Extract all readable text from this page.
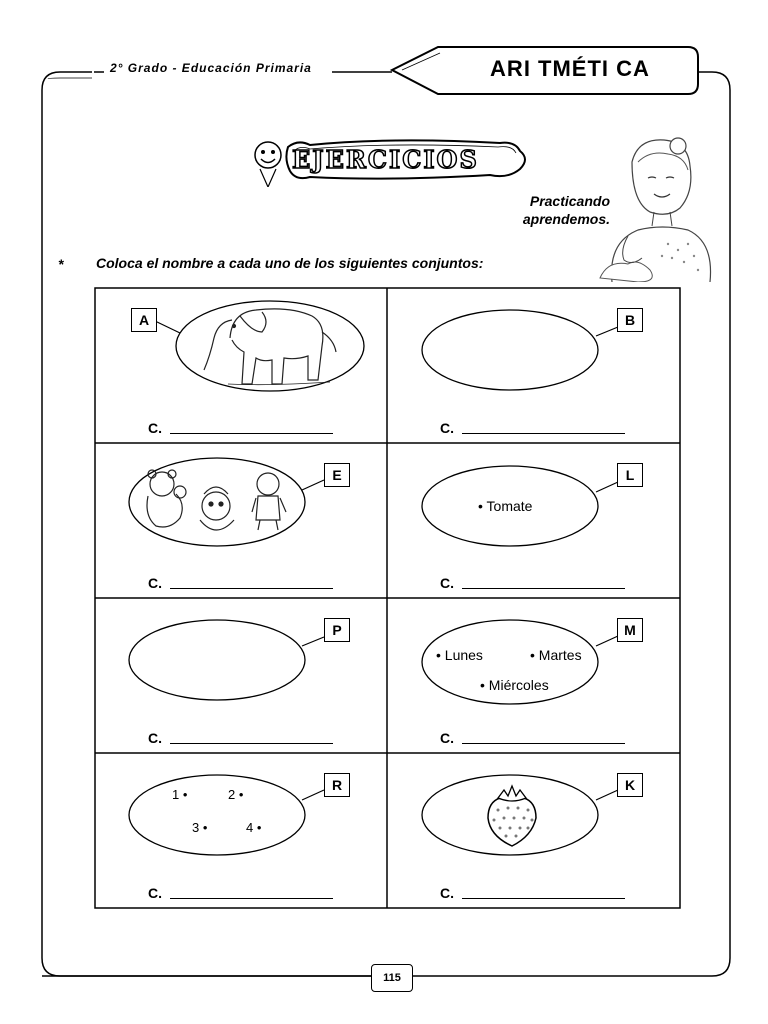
2° Grado - Educación Primaria	ARI TMÉTI CA
EJERCICIOS
Practicando
aprendemos.
* Coloca el nombre a cada uno de los siguientes conjuntos:
A	B
E	L
P	M
R	K
• Tomate
• Lunes	• Martes
• Miércoles
1 •	2 •
3 •	4 •
C.	C.
C.	C.
C.	C.
C.	C.
115
